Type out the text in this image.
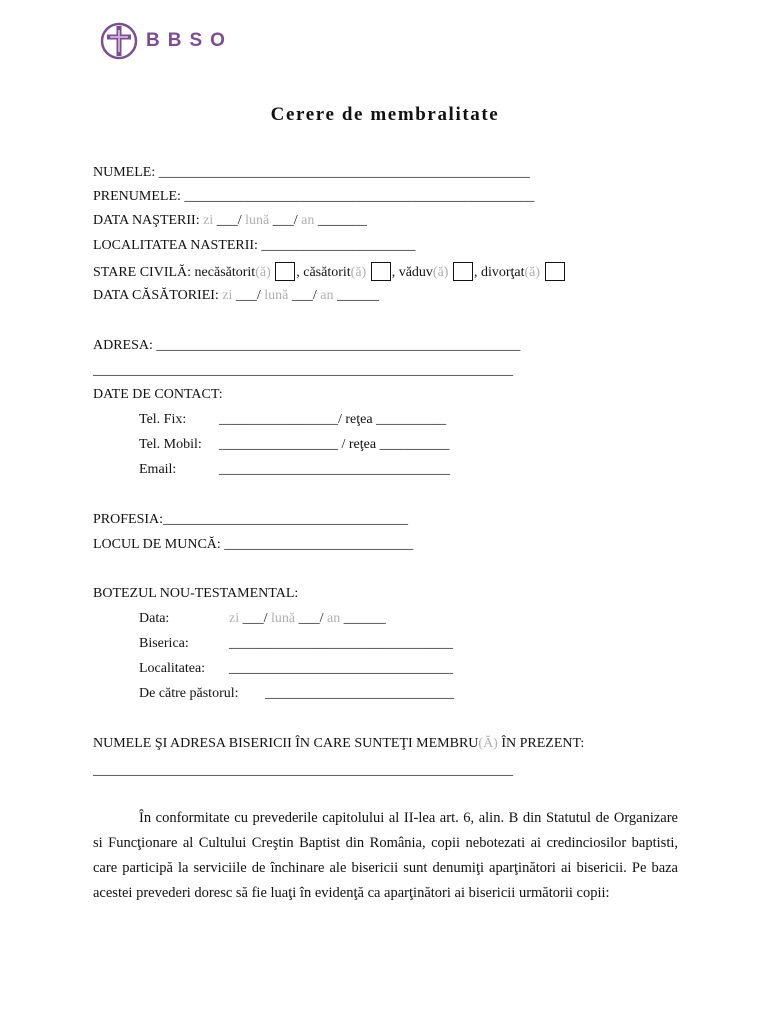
BBSO
Cerere de membralitate
NUMELE: _____________________________________________________
PRENUMELE: __________________________________________________
DATA NAŞTERII: zi ___/ lună ___/ an _______
LOCALITATEA NASTERII: ______________________
STARE CIVILĂ: necăsătorit(ă) , căsătorit(ă) , văduv(ă) , divorţat(ă)
DATA CĂSĂTORIEI: zi ___/ lună ___/ an ______
ADRESA: ____________________________________________________
____________________________________________________________
DATE DE CONTACT:
Tel. Fix: _________________/ reţea __________
Tel. Mobil: _________________ / reţea __________
Email:	_________________________________
PROFESIA:___________________________________
LOCUL DE MUNCĂ: ___________________________
BOTEZUL NOU-TESTAMENTAL:
Data:	zi ___/ lună ___/ an ______
Biserica:	________________________________
Localitatea: ________________________________
De către păstorul: ___________________________
NUMELE ŞI ADRESA BISERICII ÎN CARE SUNTEŢI MEMBRU(Ă) ÎN PREZENT:
____________________________________________________________

În conformitate cu prevederile capitolului al II-lea art. 6, alin. B din Statutul de Organizare si Funcţionare al Cultului Creştin Baptist din România, copii nebotezati ai credinciosilor baptisti, care participă la serviciile de închinare ale bisericii sunt denumiţi aparţinători ai bisericii. Pe baza acestei prevederi doresc să fie luaţi în evidenţă ca aparţinători ai bisericii următorii copii:
